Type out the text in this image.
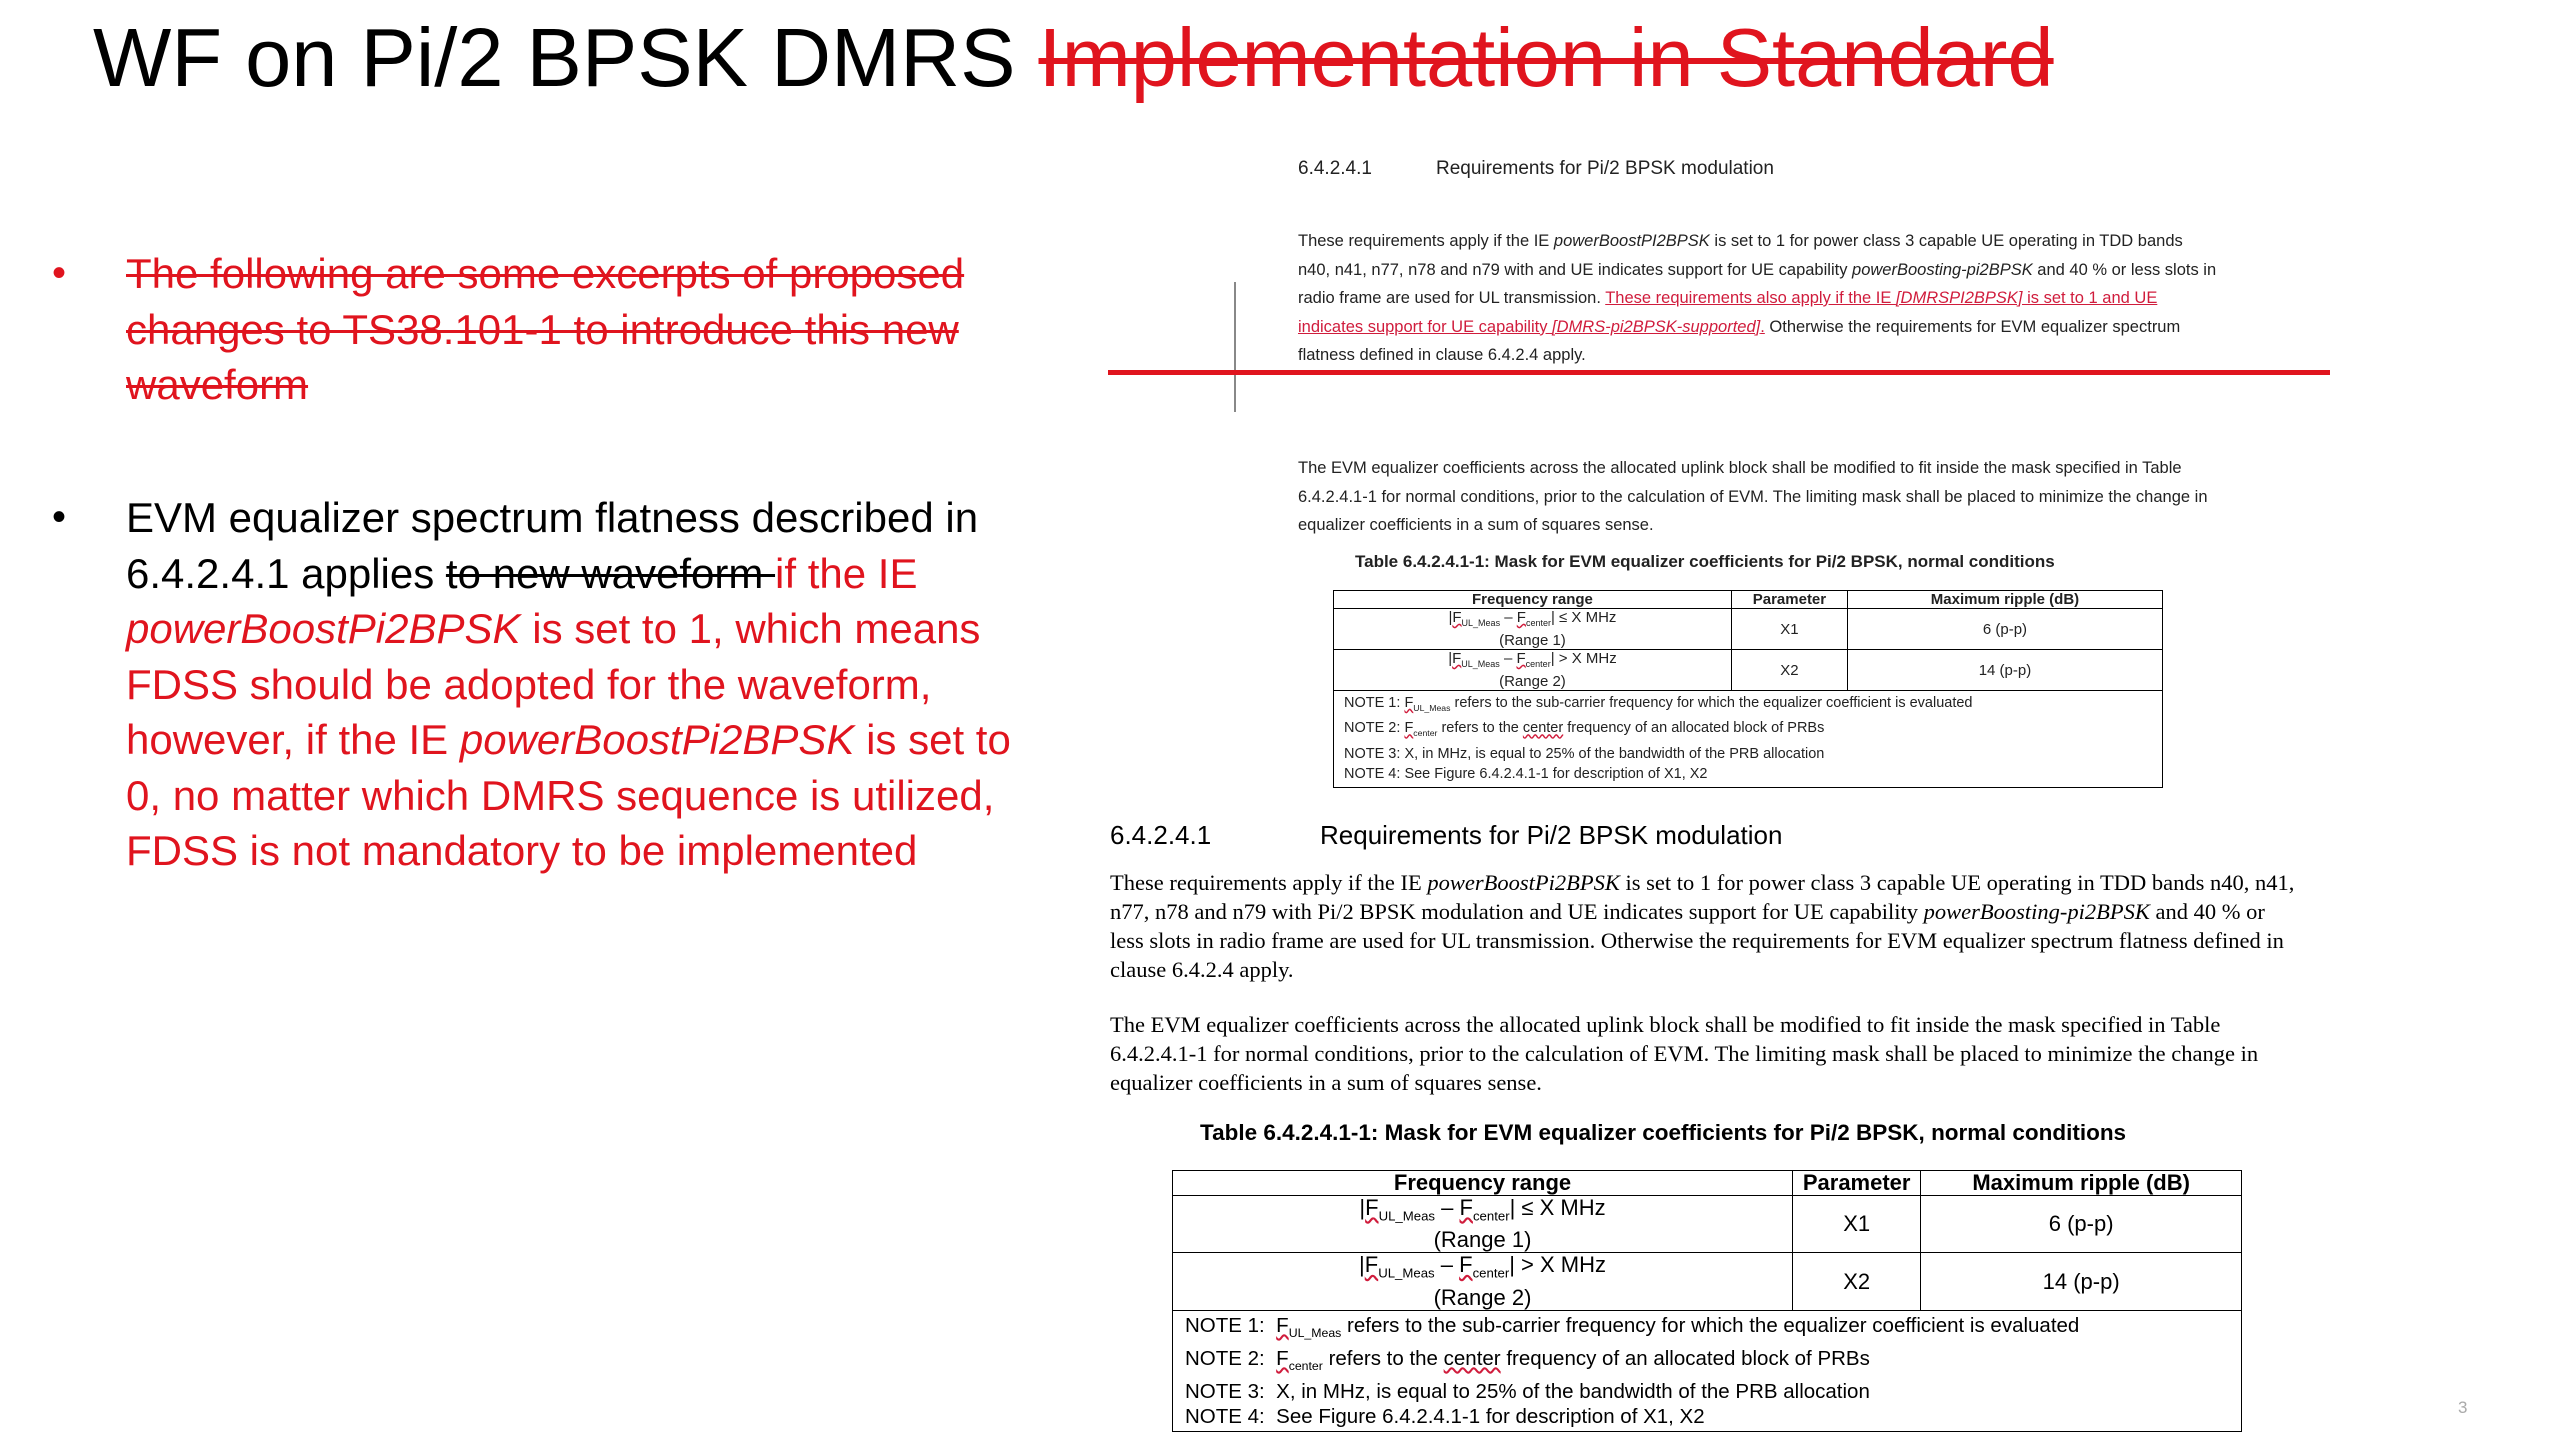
WF on Pi/2 BPSK DMRS Implementation in Standard
• The following are some excerpts of proposed changes to TS38.101-1 to introduce this new waveform
• EVM equalizer spectrum flatness described in 6.4.2.4.1 applies to new waveform if the IE powerBoostPi2BPSK is set to 1, which means FDSS should be adopted for the waveform, however, if the IE powerBoostPi2BPSK is set to 0, no matter which DMRS sequence is utilized, FDSS is not mandatory to be implemented
6.4.2.4.1	Requirements for Pi/2 BPSK modulation
These requirements apply if the IE powerBoostPI2BPSK is set to 1 for power class 3 capable UE operating in TDD bands n40, n41, n77, n78 and n79 with and UE indicates support for UE capability powerBoosting-pi2BPSK and 40 % or less slots in radio frame are used for UL transmission. These requirements also apply if the IE [DMRSPI2BPSK] is set to 1 and UE indicates support for UE capability [DMRS-pi2BPSK-supported]. Otherwise the requirements for EVM equalizer spectrum flatness defined in clause 6.4.2.4 apply.
The EVM equalizer coefficients across the allocated uplink block shall be modified to fit inside the mask specified in Table 6.4.2.4.1-1 for normal conditions, prior to the calculation of EVM. The limiting mask shall be placed to minimize the change in equalizer coefficients in a sum of squares sense.
Table 6.4.2.4.1-1: Mask for EVM equalizer coefficients for Pi/2 BPSK, normal conditions
Frequency range	Parameter	Maximum ripple (dB)
$|F_{UL\_Meas} - F_{center}| \le X$ MHz
(Range 1)	X1	6 (p-p)
$|F_{UL\_Meas} - F_{center}| > X$ MHz
(Range 2)	X2	14 (p-p)

NOTE 1: $F_{UL\_Meas}$ refers to the sub-carrier frequency for which the equalizer coefficient is evaluated
NOTE 2: $F_{center}$ refers to the center frequency of an allocated block of PRBs
NOTE 3: X, in MHz, is equal to 25% of the bandwidth of the PRB allocation
NOTE 4: See Figure 6.4.2.4.1-1 for description of X1, X2		
6.4.2.4.1	Requirements for Pi/2 BPSK modulation
These requirements apply if the IE powerBoostPi2BPSK is set to 1 for power class 3 capable UE operating in TDD bands n40, n41, n77, n78 and n79 with Pi/2 BPSK modulation and UE indicates support for UE capability powerBoosting-pi2BPSK and 40 % or less slots in radio frame are used for UL transmission. Otherwise the requirements for EVM equalizer spectrum flatness defined in clause 6.4.2.4 apply.
The EVM equalizer coefficients across the allocated uplink block shall be modified to fit inside the mask specified in Table 6.4.2.4.1-1 for normal conditions, prior to the calculation of EVM. The limiting mask shall be placed to minimize the change in equalizer coefficients in a sum of squares sense.
Table 6.4.2.4.1-1: Mask for EVM equalizer coefficients for Pi/2 BPSK, normal conditions
Frequency range	Parameter	Maximum ripple (dB)
$|F_{UL\_Meas} - F_{center}| \le X$ MHz
(Range 1)	X1	6 (p-p)
$|F_{UL\_Meas} - F_{center}| > X$ MHz
(Range 2)	X2	14 (p-p)

NOTE 1: $F_{UL\_Meas}$ refers to the sub-carrier frequency for which the equalizer coefficient is evaluated
NOTE 2: $F_{center}$ refers to the center frequency of an allocated block of PRBs
NOTE 3: X, in MHz, is equal to 25% of the bandwidth of the PRB allocation
NOTE 4: See Figure 6.4.2.4.1-1 for description of X1, X2			3
